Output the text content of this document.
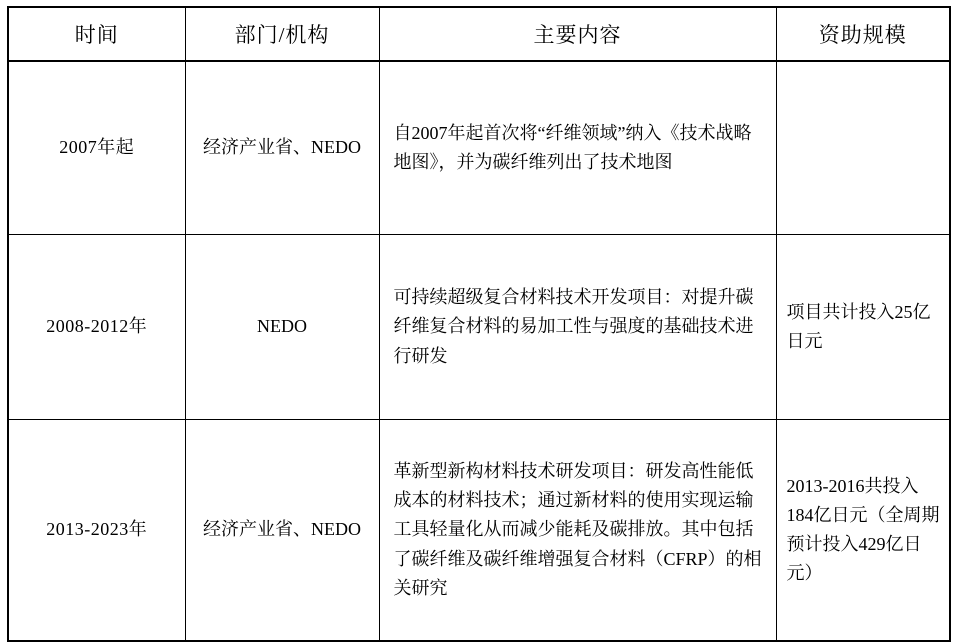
时间	部门/机构	主要内容	资助规模
2007年起	经济产业省、NEDO	自2007年起首次将“纤维领域”纳入《技术战略地图》，并为碳纤维列出了技术地图	
2008-2012年	NEDO	可持续超级复合材料技术开发项目：对提升碳纤维复合材料的易加工性与强度的基础技术进行研发	项目共计投入25亿日元
2013-2023年	经济产业省、NEDO	革新型新构材料技术研发项目：研发高性能低成本的材料技术；通过新材料的使用实现运输工具轻量化从而减少能耗及碳排放。其中包括了碳纤维及碳纤维增强复合材料（CFRP）的相关研究	2013-2016共投入184亿日元（全周期预计投入429亿日元）
